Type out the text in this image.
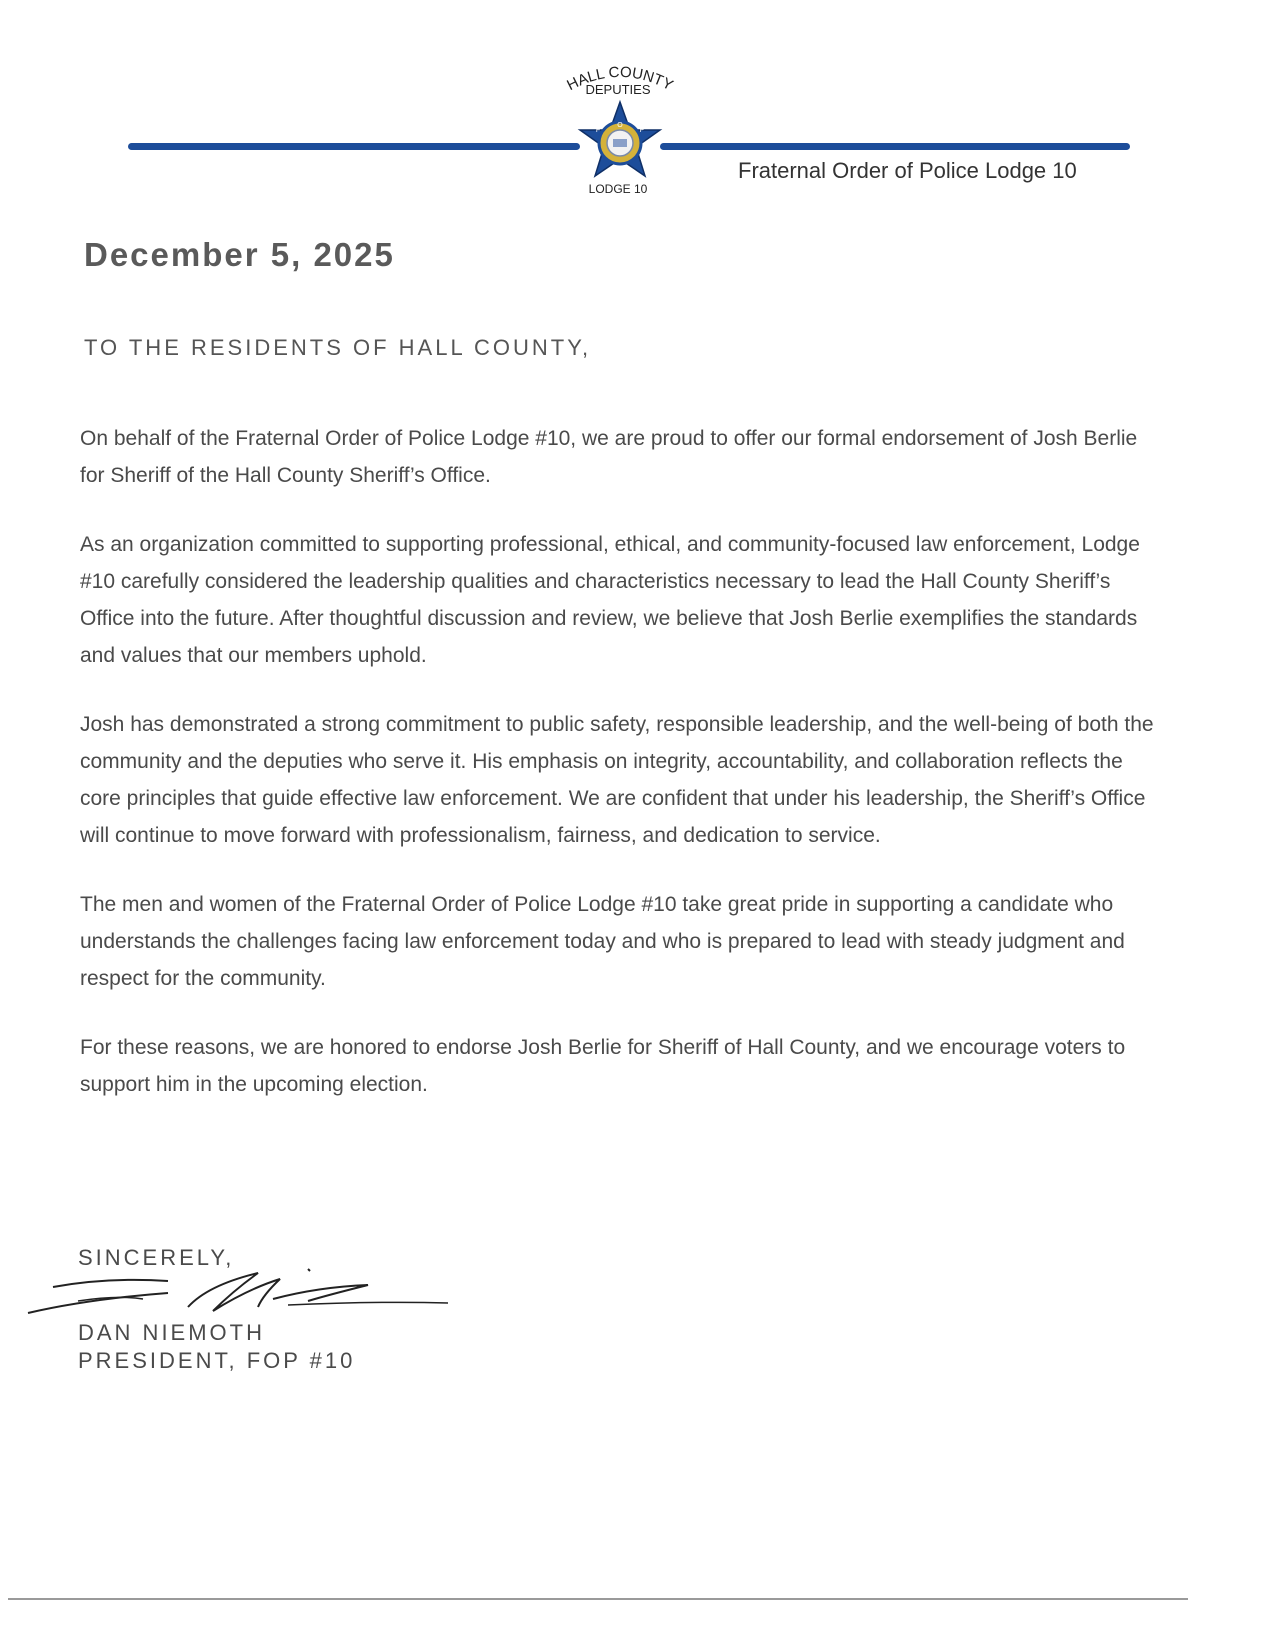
HALL COUNTY
DEPUTIES
F
O
P
LODGE 10
Fraternal Order of Police Lodge 10
December 5, 2025
TO THE RESIDENTS OF HALL COUNTY,

On behalf of the Fraternal Order of Police Lodge #10, we are proud to offer our formal endorsement of Josh Berlie for Sheriff of the Hall County Sheriff’s Office.

As an organization committed to supporting professional, ethical, and community-focused law enforcement, Lodge #10 carefully considered the leadership qualities and characteristics necessary to lead the Hall County Sheriff’s Office into the future. After thoughtful discussion and review, we believe that Josh Berlie exemplifies the standards and values that our members uphold.

Josh has demonstrated a strong commitment to public safety, responsible leadership, and the well-being of both the community and the deputies who serve it. His emphasis on integrity, accountability, and collaboration reflects the core principles that guide effective law enforcement. We are confident that under his leadership, the Sheriff’s Office will continue to move forward with professionalism, fairness, and dedication to service.

The men and women of the Fraternal Order of Police Lodge #10 take great pride in supporting a candidate who understands the challenges facing law enforcement today and who is prepared to lead with steady judgment and respect for the community.

For these reasons, we are honored to endorse Josh Berlie for Sheriff of Hall County, and we encourage voters to support him in the upcoming election.

SINCERELY,
DAN NIEMOTH
PRESIDENT, FOP #10
